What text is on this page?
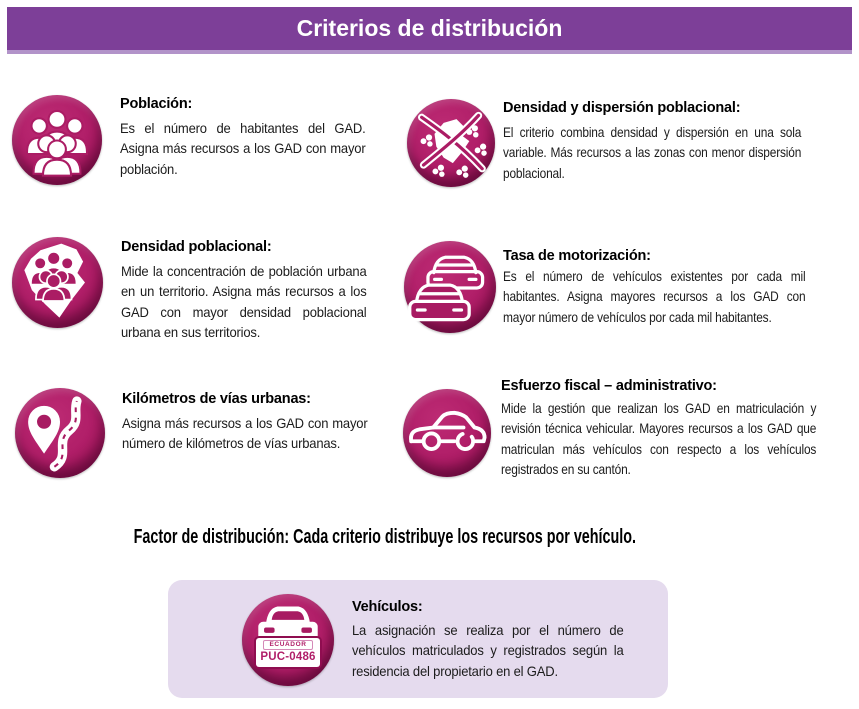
Criterios de distribución

Población:

Es el número de habitantes del GAD. Asigna más recursos a los GAD con mayor población.

Densidad y dispersión poblacional:

El criterio combina densidad y dispersión en una sola variable. Más recursos a las zonas con menor dispersión poblacional.

Densidad poblacional:

Mide la concentración de población urbana en un territorio. Asigna más recursos a los GAD con mayor densidad poblacional urbana en sus territorios.

Tasa de motorización:

Es el número de vehículos existentes por cada mil habitantes. Asigna mayores recursos a los GAD con mayor número de vehículos por cada mil habitantes.

Kilómetros de vías urbanas:

Asigna más recursos a los GAD con mayor número de kilómetros de vías urbanas.

Esfuerzo fiscal – administrativo:

Mide la gestión que realizan los GAD en matriculación y revisión técnica vehicular. Mayores recursos a los GAD que matriculan más vehículos con respecto a los vehículos registrados en su cantón.

Factor de distribución: Cada criterio distribuye los recursos por vehículo.
ECUADOR
PUC-0486

Vehículos:

La asignación se realiza por el número de vehículos matriculados y registrados según la residencia del propietario en el GAD.
